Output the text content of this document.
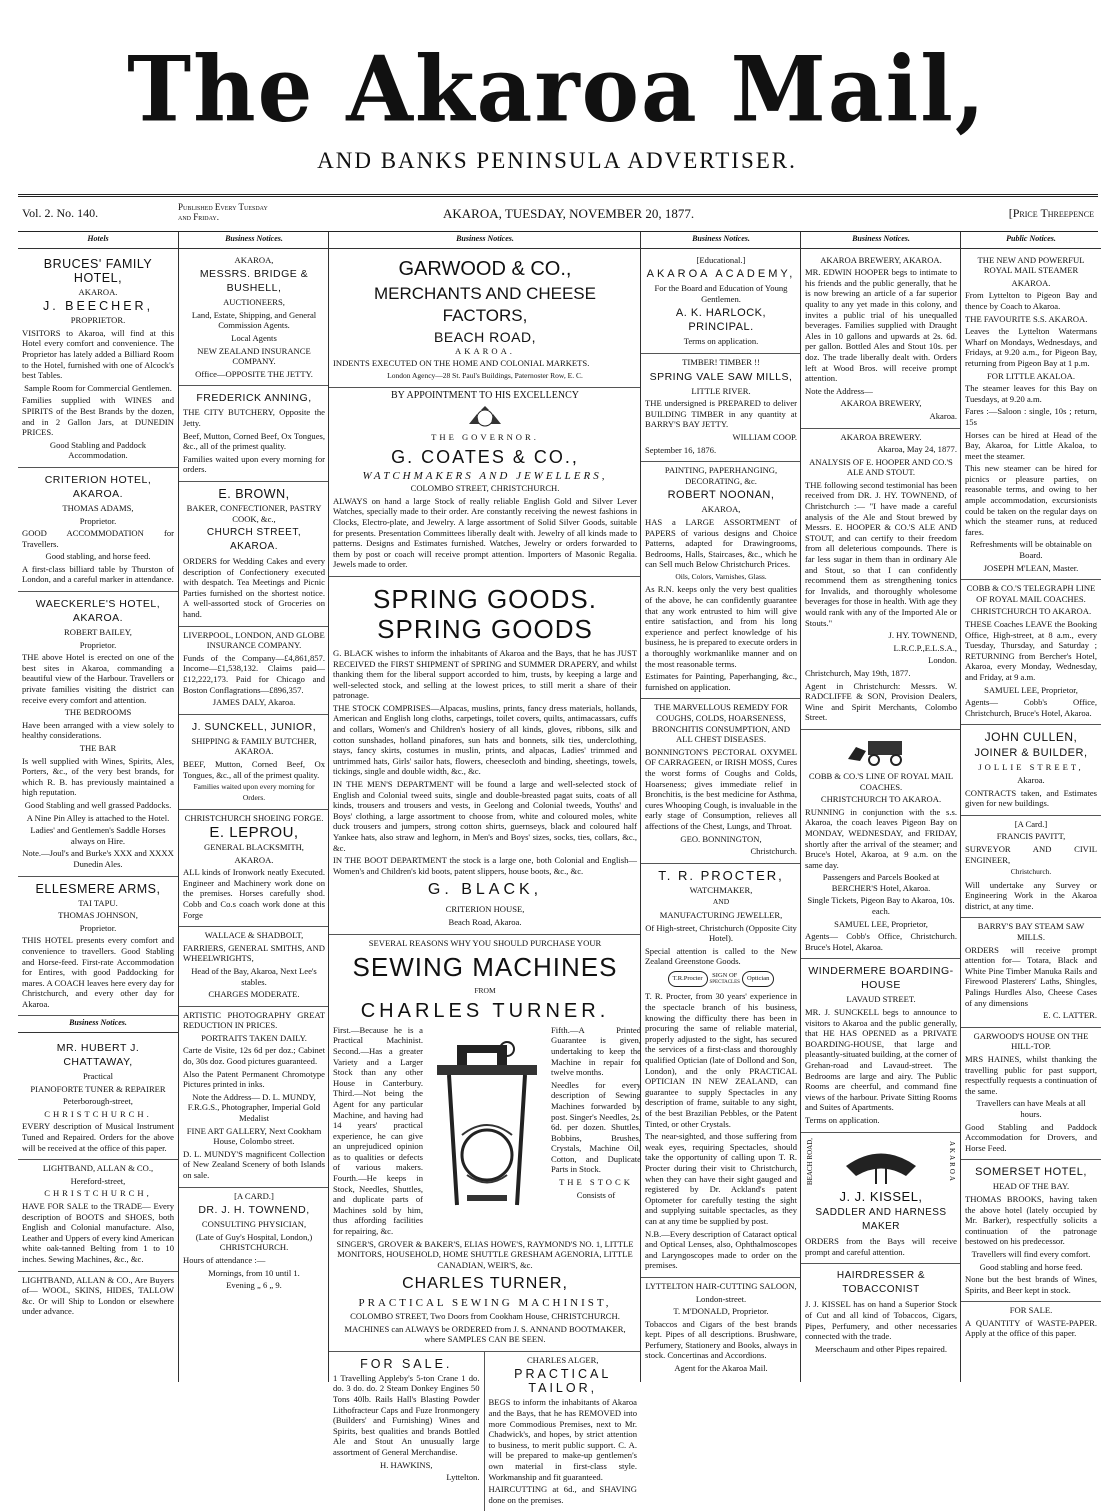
The Akaroa Mail,
AND BANKS PENINSULA ADVERTISER.
Vol. 2. No. 140.	Published Every Tuesday and Friday.	AKAROA, TUESDAY, NOVEMBER 20, 1877.	[Price Threepence
Hotels
BRUCES' FAMILY HOTEL,

AKAROA.

J. BEECHER,

PROPRIETOR.

VISITORS to Akaroa, will find at this Hotel every comfort and convenience. The Proprietor has lately added a Billiard Room to the Hotel, furnished with one of Alcock's best Tables.

Sample Room for Commercial Gentlemen.

Families supplied with WINES and SPIRITS of the Best Brands by the dozen, and in 2 Gallon Jars, at DUNEDIN PRICES.

Good Stabling and Paddock Accommodation.

CRITERION HOTEL, AKAROA.

THOMAS ADAMS,

Proprietor.

GOOD ACCOMMODATION for Travellers.

Good stabling, and horse feed.

A first-class billiard table by Thurston of London, and a careful marker in attendance.

WAECKERLE'S HOTEL, AKAROA.

ROBERT BAILEY,

Proprietor.

THE above Hotel is erected on one of the best sites in Akaroa, commanding a beautiful view of the Harbour. Travellers or private families visiting the district can receive every comfort and attention.

THE BEDROOMS

Have been arranged with a view solely to healthy considerations.

THE BAR

Is well supplied with Wines, Spirits, Ales, Porters, &c., of the very best brands, for which R. B. has previously maintained a high reputation.

Good Stabling and well grassed Paddocks.

A Nine Pin Alley is attached to the Hotel.

Ladies' and Gentlemen's Saddle Horses always on Hire.

Note.—Joul's and Burke's XXX and XXXX Dunedin Ales.

ELLESMERE ARMS,

TAI TAPU.

THOMAS JOHNSON,

Proprietor.

THIS HOTEL presents every comfort and convenience to travellers. Good Stabling and Horse-feed. First-rate Accommodation for Entires, with good Paddocking for mares. A COACH leaves here every day for Christchurch, and every other day for Akaroa.

Business Notices.
MR. HUBERT J. CHATTAWAY,

Practical

PIANOFORTE TUNER & REPAIRER

Peterborough-street,

CHRISTCHURCH.

EVERY description of Musical Instrument Tuned and Repaired. Orders for the above will be received at the office of this paper.

LIGHTBAND, ALLAN & CO.,

Hereford-street,

CHRISTCHURCH,

HAVE FOR SALE to the TRADE— Every description of BOOTS and SHOES, both English and Colonial manufacture. Also, Leather and Uppers of every kind American white oak-tanned Belting from 1 to 10 inches. Sewing Machines, &c., &c.

LIGHTBAND, ALLAN & CO., Are Buyers of— WOOL, SKINS, HIDES, TALLOW &c. Or will Ship to London or elsewhere under advance.

Business Notices.

AKAROA,

MESSRS. BRIDGE & BUSHELL,

AUCTIONEERS,

Land, Estate, Shipping, and General Commission Agents.

Local Agents

NEW ZEALAND INSURANCE COMPANY.

Office—OPPOSITE THE JETTY.

FREDERICK ANNING,

THE CITY BUTCHERY, Opposite the Jetty.

Beef, Mutton, Corned Beef, Ox Tongues, &c., all of the primest quality.

Families waited upon every morning for orders.

E. BROWN,

BAKER, CONFECTIONER, PASTRY COOK, &c.,

CHURCH STREET, AKAROA.

ORDERS for Wedding Cakes and every description of Confectionery executed with despatch. Tea Meetings and Picnic Parties furnished on the shortest notice. A well-assorted stock of Groceries on hand.

LIVERPOOL, LONDON, AND GLOBE INSURANCE COMPANY.

Funds of the Company—£4,861,857. Income—£1,538,132. Claims paid—£12,222,173. Paid for Chicago and Boston Conflagrations—£896,357.

JAMES DALY, Akaroa.

J. SUNCKELL, JUNIOR,

SHIPPING & FAMILY BUTCHER, AKAROA.

BEEF, Mutton, Corned Beef, Ox Tongues, &c., all of the primest quality.

Families waited upon every morning for Orders.

CHRISTCHURCH SHOEING FORGE.

E. LEPROU,

GENERAL BLACKSMITH,

AKAROA.

ALL kinds of Ironwork neatly Executed. Engineer and Machinery work done on the premises. Horses carefully shod. Cobb and Co.s coach work done at this Forge

WALLACE & SHADBOLT,

FARRIERS, GENERAL SMITHS, AND WHEELWRIGHTS,

Head of the Bay, Akaroa, Next Lee's stables.

CHARGES MODERATE.

ARTISTIC PHOTOGRAPHY GREAT REDUCTION IN PRICES.

PORTRAITS TAKEN DAILY.

Carte de Visite, 12s 6d per doz.; Cabinet do, 30s doz. Good pictures guaranteed.

Also the Patent Permanent Chromotype Pictures printed in inks.

Note the Address— D. L. MUNDY, F.R.G.S., Photographer, Imperial Gold Medalist

FINE ART GALLERY, Next Cookham House, Colombo street.

D. L. MUNDY'S magnificent Collection of New Zealand Scenery of both Islands on sale.

[A CARD.]

DR. J. H. TOWNEND,

CONSULTING PHYSICIAN,

(Late of Guy's Hospital, London,) CHRISTCHURCH.

Hours of attendance :—

Mornings, from 10 until 1.

Evening „ 6 „ 9.

Business Notices.
GARWOOD & CO.,
MERCHANTS AND CHEESE FACTORS,
BEACH ROAD,

AKAROA.

INDENTS EXECUTED ON THE HOME AND COLONIAL MARKETS.

London Agency—28 St. Paul's Buildings, Paternoster Row, E. C.

BY APPOINTMENT TO HIS EXCELLENCY

THE GOVERNOR.

G. COATES & CO.,

WATCHMAKERS AND JEWELLERS,

COLOMBO STREET, CHRISTCHURCH.

ALWAYS on hand a large Stock of really reliable English Gold and Silver Lever Watches, specially made to their order. Are constantly receiving the newest fashions in Clocks, Electro-plate, and Jewelry. A large assortment of Solid Silver Goods, suitable for presents. Presentation Committees liberally dealt with. Jewelry of all kinds made to patterns. Designs and Estimates furnished. Watches, Jewelry or orders forwarded to them by post or coach will receive prompt attention. Importers of Masonic Regalia. Jewels made to order.

SPRING GOODS. SPRING GOODS

G. BLACK wishes to inform the inhabitants of Akaroa and the Bays, that he has JUST RECEIVED the FIRST SHIPMENT of SPRING and SUMMER DRAPERY, and whilst thanking them for the liberal support accorded to him, trusts, by keeping a large and well-selected stock, and selling at the lowest prices, to still merit a share of their patronage.

THE STOCK COMPRISES—Alpacas, muslins, prints, fancy dress materials, hollands, American and English long cloths, carpetings, toilet covers, quilts, antimacassars, cuffs and collars, Women's and Children's hosiery of all kinds, gloves, ribbons, silk and cotton sunshades, holland pinafores, sun hats and bonnets, silk ties, underclothing, stays, fancy skirts, costumes in muslin, prints, and alpacas, Ladies' trimmed and untrimmed hats, Girls' sailor hats, flowers, cheesecloth and binding, sheetings, towels, tickings, single and double width, &c., &c.

IN THE MEN'S DEPARTMENT will be found a large and well-selected stock of English and Colonial tweed suits, single and double-breasted pagat suits, coats of all kinds, trousers and trousers and vests, in Geelong and Colonial tweeds, Youths' and Boys' clothing, a large assortment to choose from, white and coloured moles, white duck trousers and jumpers, strong cotton shirts, guernseys, black and coloured half Yankee hats, also straw and leghorn, in Men's and Boys' sizes, socks, ties, collars, &c., &c.

IN THE BOOT DEPARTMENT the stock is a large one, both Colonial and English—Women's and Children's kid boots, patent slippers, house boots, &c., &c.

G. BLACK,

CRITERION HOUSE,

Beach Road, Akaroa.

SEVERAL REASONS WHY YOU SHOULD PURCHASE YOUR

SEWING MACHINES

FROM

CHARLES TURNER.

First.—Because he is a Practical Machinist. Second.—Has a greater Variety and a Larger Stock than any other House in Canterbury. Third.—Not being the Agent for any particular Machine, and having had 14 years' practical experience, he can give an unprejudiced opinion as to qualities or defects of various makers. Fourth.—He keeps in Stock, Needles, Shuttles, and duplicate parts of Machines sold by him, thus affording facilities for repairing, &c.

Fifth.—A Printed Guarantee is given, undertaking to keep the Machine in repair for twelve months.

Needles for every description of Sewing Machines forwarded by post. Singer's Needles, 2s. 6d. per dozen. Shuttles, Bobbins, Brushes, Crystals, Machine Oil, Cotton, and Duplicate Parts in Stock.

THE STOCK

Consists of

SINGER'S, GROVER & BAKER'S, ELIAS HOWE'S, RAYMOND'S NO. 1, LITTLE MONITORS, HOUSEHOLD, HOME SHUTTLE GRESHAM AGENORIA, LITTLE CANADIAN, WEIR'S, &c.

CHARLES TURNER,

PRACTICAL SEWING MACHINIST,

COLOMBO STREET, Two Doors from Cookham House, CHRISTCHURCH.

MACHINES can ALWAYS be ORDERED from J. S. ANNAND BOOTMAKER, where SAMPLES CAN BE SEEN.

FOR SALE.

1 Travelling Appleby's 5-ton Crane 1 do. do. 3 do. do. 2 Steam Donkey Engines 50 Tons 40lb. Rails Hall's Blasting Powder Lithofracteur Caps and Fuze Ironmongery (Builders' and Furnishing) Wines and Spirits, best qualities and brands Bottled Ale and Stout An unusually large assortment of General Merchandise.

H. HAWKINS,

Lyttelton.

CHARLES ALGER,

PRACTICAL TAILOR,

BEGS to inform the inhabitants of Akaroa and the Bays, that he has REMOVED into more Commodious Premises, next to Mr. Chadwick's, and hopes, by strict attention to business, to merit public support. C. A. will be prepared to make-up gentlemen's own material in first-class style. Workmanship and fit guaranteed.

HAIRCUTTING at 6d., and SHAVING done on the premises.

Business Notices.

[Educational.]

AKAROA ACADEMY,

For the Board and Education of Young Gentlemen.

A. K. HARLOCK, PRINCIPAL.

Terms on application.

TIMBER! TIMBER !!

SPRING VALE SAW MILLS,

LITTLE RIVER.

THE undersigned is PREPARED to deliver BUILDING TIMBER in any quantity at BARRY'S BAY JETTY.

WILLIAM COOP.

September 16, 1876.

PAINTING, PAPERHANGING, DECORATING, &c.

ROBERT NOONAN,

AKAROA,

HAS a LARGE ASSORTMENT of PAPERS of various designs and Choice Patterns, adapted for Drawingrooms, Bedrooms, Halls, Staircases, &c., which he can Sell much Below Christchurch Prices.

Oils, Colors, Varnishes, Glass.

As R.N. keeps only the very best qualities of the above, he can confidently guarantee that any work entrusted to him will give entire satisfaction, and from his long experience and perfect knowledge of his business, he is prepared to execute orders in a thoroughly workmanlike manner and on the most reasonable terms.

Estimates for Painting, Paperhanging, &c., furnished on application.

THE MARVELLOUS REMEDY FOR COUGHS, COLDS, HOARSENESS, BRONCHITIS CONSUMPTION, AND ALL CHEST DISEASES.

BONNINGTON'S PECTORAL OXYMEL OF CARRAGEEN, or IRISH MOSS, Cures the worst forms of Coughs and Colds, Hoarseness; gives immediate relief in Bronchitis, is the best medicine for Asthma, cures Whooping Cough, is invaluable in the early stage of Consumption, relieves all affections of the Chest, Lungs, and Throat.

GEO. BONNINGTON,

Christchurch.

T. R. PROCTER,

WATCHMAKER,

AND

MANUFACTURING JEWELLER,

Of High-street, Christchurch (Opposite City Hotel).

Special attention is called to the New Zealand Greenstone Goods.

T.R.Procter	SIGN OF
SPECTACLES
Optician

T. R. Procter, from 30 years' experience in the spectacle branch of his business, knowing the difficulty there has been in procuring the same of reliable material, properly adjusted to the sight, has secured the services of a first-class and thoroughly qualified Optician (late of Dollond and Son, London), and the only PRACTICAL OPTICIAN IN NEW ZEALAND, can guarantee to supply Spectacles in any description of frame, suitable to any sight, of the best Brazilian Pebbles, or the Patent Tinted, or other Crystals.

The near-sighted, and those suffering from weak eyes, requiring Spectacles, should take the opportunity of calling upon T. R. Procter during their visit to Christchurch, when they can have their sight gauged and registered by Dr. Ackland's patent Optometer for carefully testing the sight and supplying suitable spectacles, as they can at any time be supplied by post.

N.B.—Every description of Cataract optical and Optical Lenses, also, Ophthalmoscopes and Laryngoscopes made to order on the premises.

LYTTELTON HAIR-CUTTING SALOON,

London-street.

T. M'DONALD, Proprietor.

Tobaccos and Cigars of the best brands kept. Pipes of all descriptions. Brushware, Perfumery, Stationery and Books, always in stock. Concertinas and Accordions.

Agent for the Akaroa Mail.

Business Notices.

AKAROA BREWERY, AKAROA.

MR. EDWIN HOOPER begs to intimate to his friends and the public generally, that he is now brewing an article of a far superior quality to any yet made in this colony, and invites a public trial of his unequalled beverages. Families supplied with Draught Ales in 10 gallons and upwards at 2s. 6d. per gallon. Bottled Ales and Stout 10s. per doz. The trade liberally dealt with. Orders left at Wood Bros. will receive prompt attention.

Note the Address—

AKAROA BREWERY,

Akaroa.

AKAROA BREWERY.

Akaroa, May 24, 1877.

ANALYSIS OF E. HOOPER AND CO.'S ALE AND STOUT.

THE following second testimonial has been received from DR. J. HY. TOWNEND, of Christchurch :— "I have made a careful analysis of the Ale and Stout brewed by Messrs. E. HOOPER & CO.'S ALE AND STOUT, and can certify to their freedom from all deleterious compounds. There is far less sugar in them than in ordinary Ale and Stout, so that I can confidently recommend them as strengthening tonics for Invalids, and thoroughly wholesome beverages for those in health. With age they would rank with any of the Imported Ale or Stouts."

J. HY. TOWNEND,

L.R.C.P.,E.L.S.A.,

London.

Christchurch, May 19th, 1877.

Agent in Christchurch: Messrs. W. RADCLIFFE & SON, Provision Dealers, Wine and Spirit Merchants, Colombo Street.

COBB & CO.'S LINE OF ROYAL MAIL COACHES.

CHRISTCHURCH TO AKAROA.

RUNNING in conjunction with the s.s. Akaroa, the coach leaves Pigeon Bay on MONDAY, WEDNESDAY, and FRIDAY, shortly after the arrival of the steamer; and Bruce's Hotel, Akaroa, at 9 a.m. on the same day.

Passengers and Parcels Booked at BERCHER'S Hotel, Akaroa.

Single Tickets, Pigeon Bay to Akaroa, 10s. each.

SAMUEL LEE, Proprietor,

Agents— Cobb's Office, Christchurch. Bruce's Hotel, Akaroa.

WINDERMERE BOARDING-HOUSE

LAVAUD STREET.

MR. J. SUNCKELL begs to announce to visitors to Akaroa and the public generally, that HE HAS OPENED as a PRIVATE BOARDING-HOUSE, that large and pleasantly-situated building, at the corner of Grehan-road and Lavaud-street. The Bedrooms are large and airy. The Public Rooms are cheerful, and command fine views of the harbour. Private Sitting Rooms and Suites of Apartments.

Terms on application.

BEACH ROAD,	AKAROA
J. J. KISSEL,
SADDLER AND HARNESS MAKER

ORDERS from the Bays will receive prompt and careful attention.

HAIRDRESSER & TOBACCONIST

J. J. KISSEL has on hand a Superior Stock of Cut and all kind of Tobaccos, Cigars, Pipes, Perfumery, and other necessaries connected with the trade.

Meerschaum and other Pipes repaired.

Public Notices.

THE NEW AND POWERFUL ROYAL MAIL STEAMER

AKAROA.

From Lyttelton to Pigeon Bay and thence by Coach to Akaroa.

THE FAVOURITE S.S. AKAROA.

Leaves the Lyttelton Watermans Wharf on Mondays, Wednesdays, and Fridays, at 9.20 a.m., for Pigeon Bay, returning from Pigeon Bay at 1 p.m.

FOR LITTLE AKALOA.

The steamer leaves for this Bay on Tuesdays, at 9.20 a.m.

Fares :—Saloon : single, 10s ; return, 15s

Horses can be hired at Head of the Bay, Akaroa, for Little Akaloa, to meet the steamer.

This new steamer can be hired for picnics or pleasure parties, on reasonable terms, and owing to her ample accommodation, excursionists could be taken on the regular days on which the steamer runs, at reduced fares.

Refreshments will be obtainable on Board.

JOSEPH M'LEAN, Master.

COBB & CO.'S TELEGRAPH LINE OF ROYAL MAIL COACHES.

CHRISTCHURCH TO AKAROA.

THESE Coaches LEAVE the Booking Office, High-street, at 8 a.m., every Tuesday, Thursday, and Saturday ; RETURNING from Bercher's Hotel, Akaroa, every Monday, Wednesday, and Friday, at 9 a.m.

SAMUEL LEE, Proprietor,

Agents— Cobb's Office, Christchurch, Bruce's Hotel, Akaroa.

JOHN CULLEN,
JOINER & BUILDER,

JOLLIE STREET,

Akaroa.

CONTRACTS taken, and Estimates given for new buildings.

[A Card.]

FRANCIS PAVITT,

SURVEYOR AND CIVIL ENGINEER,

Christchurch.

Will undertake any Survey or Engineering Work in the Akaroa district, at any time.

BARRY'S BAY STEAM SAW MILLS.

ORDERS will receive prompt attention for— Totara, Black and White Pine Timber Manuka Rails and Firewood Plasterers' Laths, Shingles, Palings Hurdles Also, Cheese Cases of any dimensions

E. C. LATTER.

GARWOOD'S HOUSE ON THE HILL-TOP.

MRS HAINES, whilst thanking the travelling public for past support, respectfully requests a continuation of the same.

Travellers can have Meals at all hours.

Good Stabling and Paddock Accommodation for Drovers, and Horse Feed.

SOMERSET HOTEL,

HEAD OF THE BAY.

THOMAS BROOKS, having taken the above hotel (lately occupied by Mr. Barker), respectfully solicits a continuation of the patronage bestowed on his predecessor.

Travellers will find every comfort.

Good stabling and horse feed.

None but the best brands of Wines, Spirits, and Beer kept in stock.

FOR SALE.

A QUANTITY of WASTE-PAPER. Apply at the office of this paper.
